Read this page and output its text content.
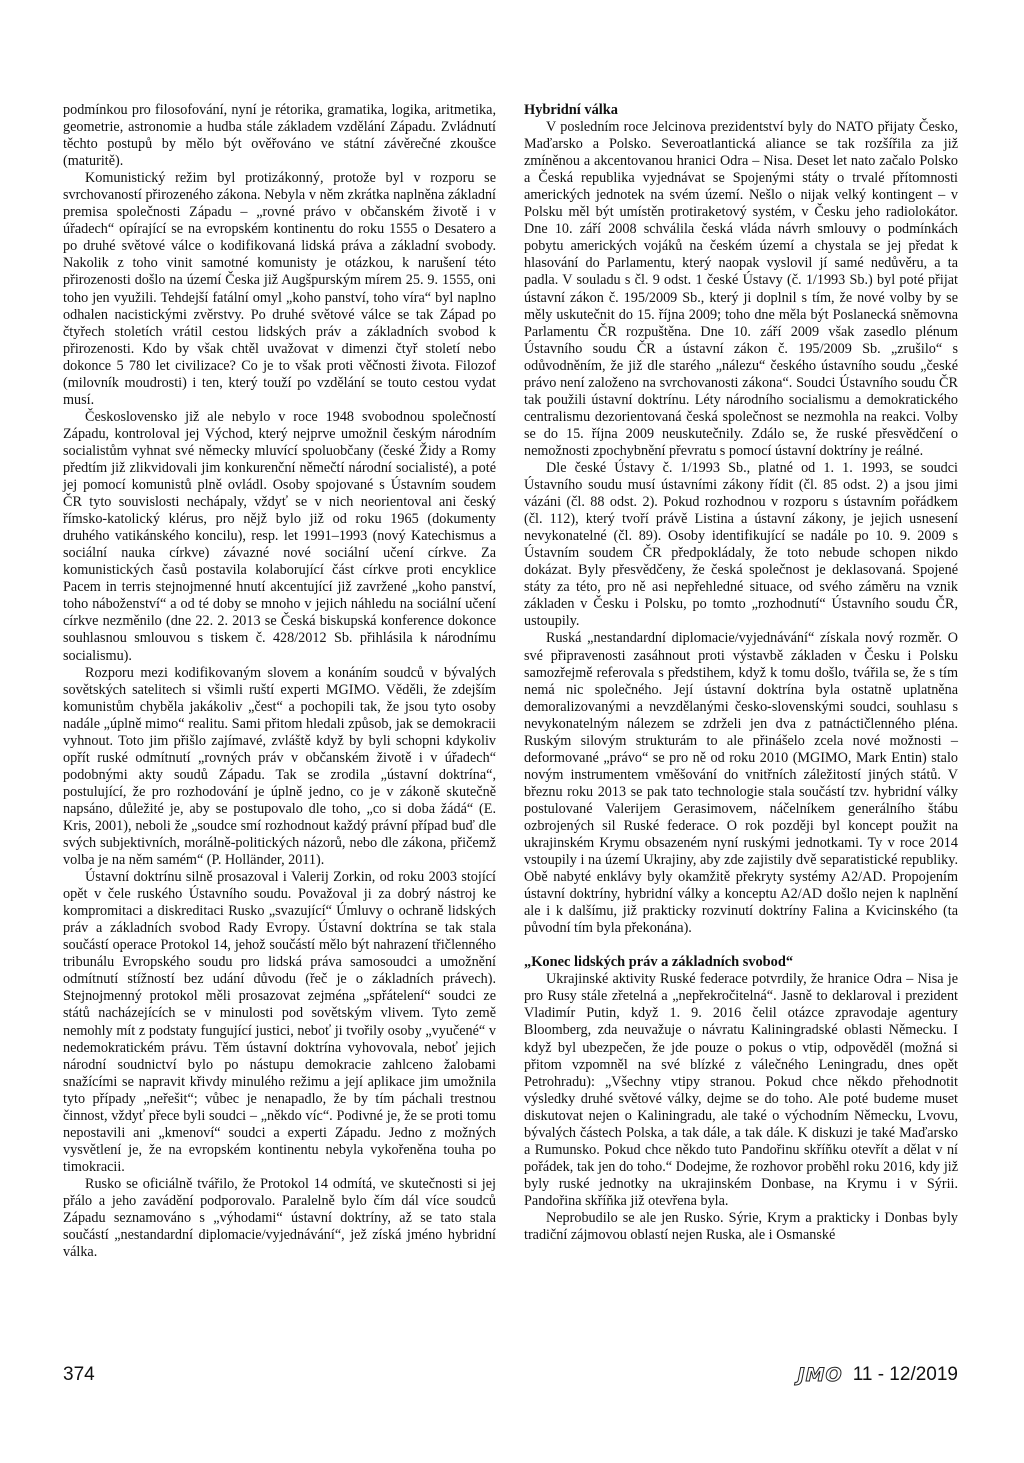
podmínkou pro filosofování, nyní je rétorika, gramatika, logika, aritmetika, geometrie, astronomie a hudba stále základem vzdělání Západu. Zvládnutí těchto postupů by mělo být ověřováno ve státní závěrečné zkoušce (maturitě).

Komunistický režim byl protizákonný, protože byl v rozporu se svrchovaností přirozeného zákona. Nebyla v něm zkrátka naplněna základní premisa společnosti Západu – „rovné právo v občanském životě i v úřadech“ opírající se na evropském kontinentu do roku 1555 o Desatero a po druhé světové válce o kodifikovaná lidská práva a základní svobody. Nakolik z toho vinit samotné komunisty je otázkou, k narušení této přirozenosti došlo na území Česka již Augšpurským mírem 25. 9. 1555, oni toho jen využili. Tehdejší fatální omyl „koho panství, toho víra“ byl naplno odhalen nacistickými zvěrstvy. Po druhé světové válce se tak Západ po čtyřech stoletích vrátil cestou lidských práv a základních svobod k přirozenosti. Kdo by však chtěl uvažovat v dimenzi čtyř století nebo dokonce 5 780 let civilizace? Co je to však proti věčnosti života. Filozof (milovník moudrosti) i ten, který touží po vzdělání se touto cestou vydat musí.

Československo již ale nebylo v roce 1948 svobodnou společností Západu, kontroloval jej Východ, který nejprve umožnil českým národním socialistům vyhnat své německy mluvící spoluobčany (české Židy a Romy předtím již zlikvidovali jim konkurenční němečtí národní socialisté), a poté jej pomocí komunistů plně ovládl. Osoby spojované s Ústavním soudem ČR tyto souvislosti nechápaly, vždyť se v nich neorientoval ani český římsko-katolický klérus, pro nějž bylo již od roku 1965 (dokumenty druhého vatikánského koncilu), resp. let 1991–1993 (nový Katechismus a sociální nauka církve) závazné nové sociální učení církve. Za komunistických časů postavila kolaborující část církve proti encyklice Pacem in terris stejnojmenné hnutí akcentující již zavržené „koho panství, toho náboženství“ a od té doby se mnoho v jejich náhledu na sociální učení církve nezměnilo (dne 22. 2. 2013 se Česká biskupská konference dokonce souhlasnou smlouvou s tiskem č. 428/2012 Sb. přihlásila k národnímu socialismu).

Rozporu mezi kodifikovaným slovem a konáním soudců v bývalých sovětských satelitech si všimli ruští experti MGIMO. Věděli, že zdejším komunistům chyběla jakákoliv „čest“ a pochopili tak, že jsou tyto osoby nadále „úplně mimo“ realitu. Sami přitom hledali způsob, jak se demokracii vyhnout. Toto jim přišlo zajímavé, zvláště když by byli schopni kdykoliv opřít ruské odmítnutí „rovných práv v občanském životě i v úřadech“ podobnými akty soudů Západu. Tak se zrodila „ústavní doktrína“, postulující, že pro rozhodování je úplně jedno, co je v zákoně skutečně napsáno, důležité je, aby se postupovalo dle toho, „co si doba žádá“ (E. Kris, 2001), neboli že „soudce smí rozhodnout každý právní případ buď dle svých subjektivních, morálně-politických názorů, nebo dle zákona, přičemž volba je na něm samém“ (P. Holländer, 2011).

Ústavní doktrínu silně prosazoval i Valerij Zorkin, od roku 2003 stojící opět v čele ruského Ústavního soudu. Považoval ji za dobrý nástroj ke kompromitaci a diskreditaci Rusko „svazující“ Úmluvy o ochraně lidských práv a základních svobod Rady Evropy. Ústavní doktrína se tak stala součástí operace Protokol 14, jehož součástí mělo být nahrazení třičlenného tribunálu Evropského soudu pro lidská práva samosoudci a umožnění odmítnutí stížností bez udání důvodu (řeč je o základních právech). Stejnojmenný protokol měli prosazovat zejména „spřátelení“ soudci ze států nacházejících se v minulosti pod sovětským vlivem. Tyto země nemohly mít z podstaty fungující justici, neboť ji tvořily osoby „vyučené“ v nedemokratickém právu. Těm ústavní doktrína vyhovovala, neboť jejich národní soudnictví bylo po nástupu demokracie zahlceno žalobami snažícími se napravit křivdy minulého režimu a její aplikace jim umožnila tyto případy „neřešit“; vůbec je nenapadlo, že by tím páchali trestnou činnost, vždyť přece byli soudci – „někdo víc“. Podivné je, že se proti tomu nepostavili ani „kmenoví“ soudci a experti Západu. Jedno z možných vysvětlení je, že na evropském kontinentu nebyla vykořeněna touha po timokracii.

Rusko se oficiálně tvářilo, že Protokol 14 odmítá, ve skutečnosti si jej přálo a jeho zavádění podporovalo. Paralelně bylo čím dál více soudců Západu seznamováno s „výhodami“ ústavní doktríny, až se tato stala součástí „nestandardní diplomacie/vyjednávání“, jež získá jméno hybridní válka.

Hybridní válka

V posledním roce Jelcinova prezidentství byly do NATO přijaty Česko, Maďarsko a Polsko. Severoatlantická aliance se tak rozšířila za již zmíněnou a akcentovanou hranici Odra – Nisa. Deset let nato začalo Polsko a Česká republika vyjednávat se Spojenými státy o trvalé přítomnosti amerických jednotek na svém území. Nešlo o nijak velký kontingent – v Polsku měl být umístěn protiraketový systém, v Česku jeho radiolokátor. Dne 10. září 2008 schválila česká vláda návrh smlouvy o podmínkách pobytu amerických vojáků na českém území a chystala se jej předat k hlasování do Parlamentu, který naopak vyslovil jí samé nedůvěru, a ta padla. V souladu s čl. 9 odst. 1 české Ústavy (č. 1/1993 Sb.) byl poté přijat ústavní zákon č. 195/2009 Sb., který ji doplnil s tím, že nové volby by se měly uskutečnit do 15. října 2009; toho dne měla být Poslanecká sněmovna Parlamentu ČR rozpuštěna. Dne 10. září 2009 však zasedlo plénum Ústavního soudu ČR a ústavní zákon č. 195/2009 Sb. „zrušilo“ s odůvodněním, že již dle starého „nálezu“ českého ústavního soudu „české právo není založeno na svrchovanosti zákona“. Soudci Ústavního soudu ČR tak použili ústavní doktrínu. Léty národního socialismu a demokratického centralismu dezorientovaná česká společnost se nezmohla na reakci. Volby se do 15. října 2009 neuskutečnily. Zdálo se, že ruské přesvědčení o nemožnosti zpochybnění převratu s pomocí ústavní doktríny je reálné.

Dle české Ústavy č. 1/1993 Sb., platné od 1. 1. 1993, se soudci Ústavního soudu musí ústavními zákony řídit (čl. 85 odst. 2) a jsou jimi vázáni (čl. 88 odst. 2). Pokud rozhodnou v rozporu s ústavním pořádkem (čl. 112), který tvoří právě Listina a ústavní zákony, je jejich usnesení nevykonatelné (čl. 89). Osoby identifikující se nadále po 10. 9. 2009 s Ústavním soudem ČR předpokládaly, že toto nebude schopen nikdo dokázat. Byly přesvědčeny, že česká společnost je deklasovaná. Spojené státy za této, pro ně asi nepřehledné situace, od svého záměru na vznik základen v Česku i Polsku, po tomto „rozhodnutí“ Ústavního soudu ČR, ustoupily.

Ruská „nestandardní diplomacie/vyjednávání“ získala nový rozměr. O své připravenosti zasáhnout proti výstavbě základen v Česku i Polsku samozřejmě referovala s předstihem, když k tomu došlo, tvářila se, že s tím nemá nic společného. Její ústavní doktrína byla ostatně uplatněna demoralizovanými a nevzdělanými česko-slovenskými soudci, souhlasu s nevykonatelným nálezem se zdrželi jen dva z patnáctičlenného pléna. Ruským silovým strukturám to ale přinášelo zcela nové možnosti – deformované „právo“ se pro ně od roku 2010 (MGIMO, Mark Entin) stalo novým instrumentem vměšování do vnitřních záležitostí jiných států. V březnu roku 2013 se pak tato technologie stala součástí tzv. hybridní války postulované Valerijem Gerasimovem, náčelníkem generálního štábu ozbrojených sil Ruské federace. O rok později byl koncept použit na ukrajinském Krymu obsazeném nyní ruskými jednotkami. Ty v roce 2014 vstoupily i na území Ukrajiny, aby zde zajistily dvě separatistické republiky. Obě nabyté enklávy byly okamžitě překryty systémy A2/AD. Propojením ústavní doktríny, hybridní války a konceptu A2/AD došlo nejen k naplnění ale i k dalšímu, již prakticky rozvinutí doktríny Falina a Kvicinského (ta původní tím byla překonána).

„Konec lidských práv a základních svobod“

Ukrajinské aktivity Ruské federace potvrdily, že hranice Odra – Nisa je pro Rusy stále zřetelná a „nepřekročitelná“. Jasně to deklaroval i prezident Vladimír Putin, když 1. 9. 2016 čelil otázce zpravodaje agentury Bloomberg, zda neuvažuje o návratu Kaliningradské oblasti Německu. I když byl ubezpečen, že jde pouze o pokus o vtip, odpověděl (možná si přitom vzpomněl na své blízké z válečného Leningradu, dnes opět Petrohradu): „Všechny vtipy stranou. Pokud chce někdo přehodnotit výsledky druhé světové války, dejme se do toho. Ale poté budeme muset diskutovat nejen o Kaliningradu, ale také o východním Německu, Lvovu, bývalých částech Polska, a tak dále, a tak dále. K diskuzi je také Maďarsko a Rumunsko. Pokud chce někdo tuto Pandořinu skříňku otevřít a dělat v ní pořádek, tak jen do toho.“ Dodejme, že rozhovor proběhl roku 2016, kdy již byly ruské jednotky na ukrajinském Donbase, na Krymu i v Sýrii. Pandořina skříňka již otevřena byla.

Neprobudilo se ale jen Rusko. Sýrie, Krym a prakticky i Donbas byly tradiční zájmovou oblastí nejen Ruska, ale i Osmanské

374	JMO 11 - 12/2019
